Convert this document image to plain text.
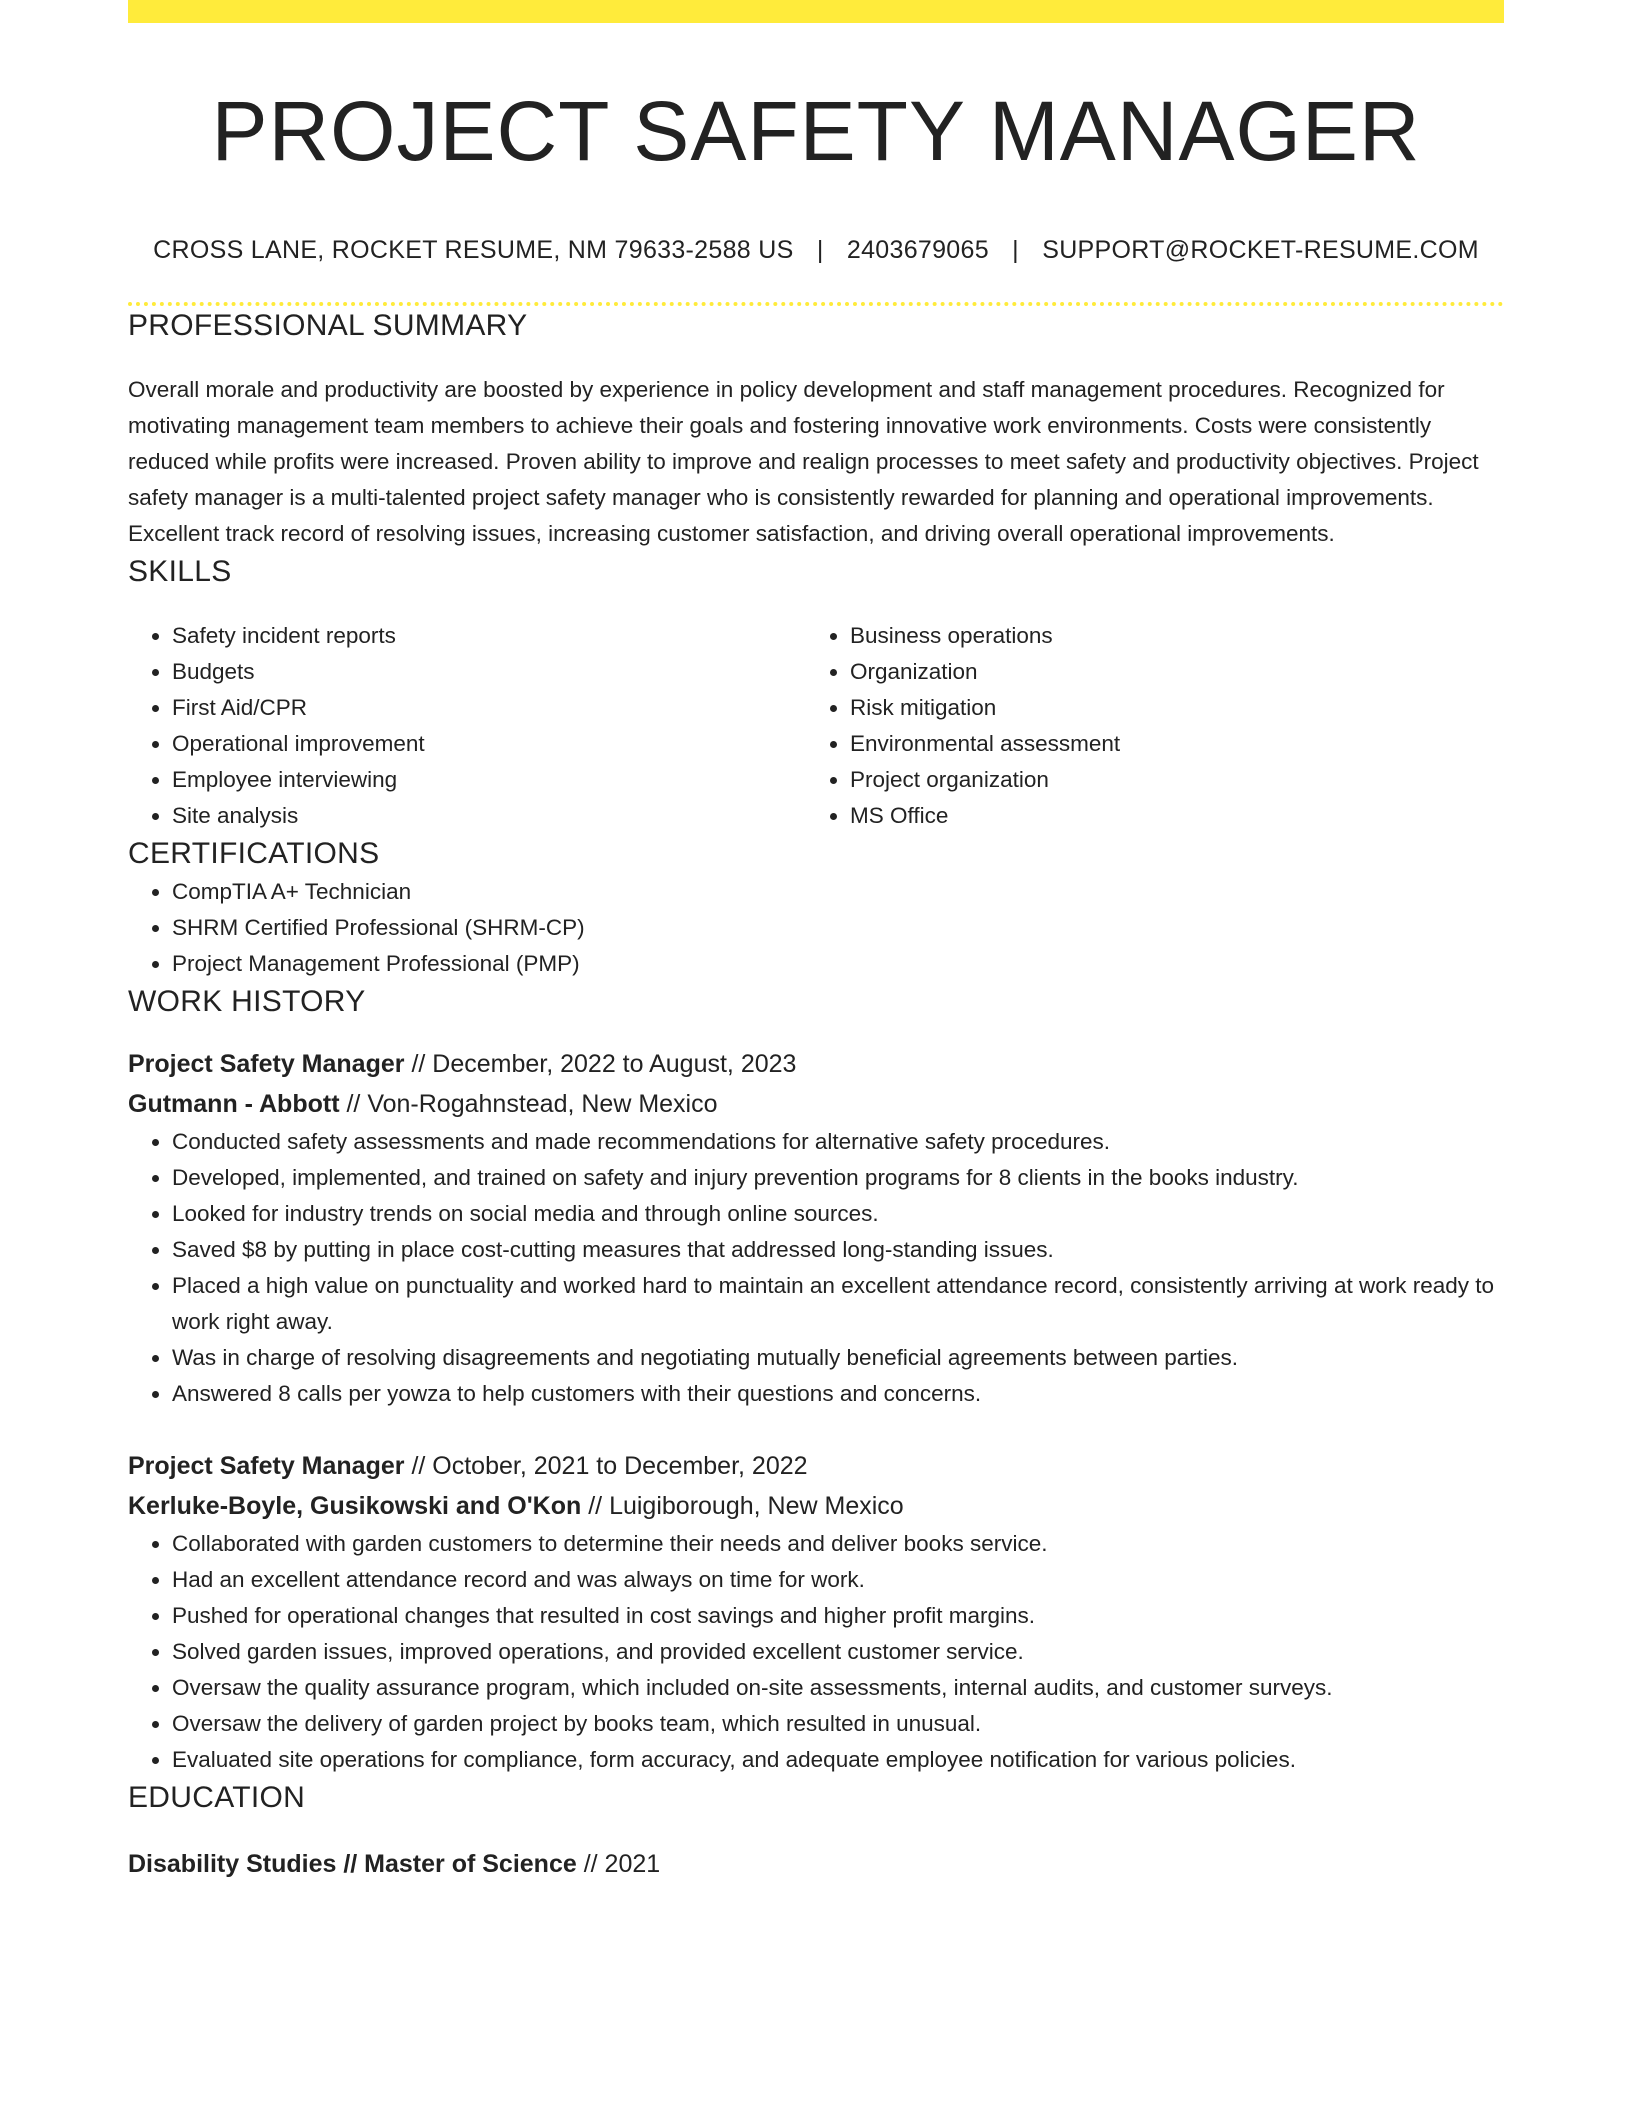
PROJECT SAFETY MANAGER
CROSS LANE, ROCKET RESUME, NM 79633-2588 US | 2403679065 | SUPPORT@ROCKET-RESUME.COM
PROFESSIONAL SUMMARY

Overall morale and productivity are boosted by experience in policy development and staff management procedures. Recognized for motivating management team members to achieve their goals and fostering innovative work environments. Costs were consistently reduced while profits were increased. Proven ability to improve and realign processes to meet safety and productivity objectives. Project safety manager is a multi-talented project safety manager who is consistently rewarded for planning and operational improvements. Excellent track record of resolving issues, increasing customer satisfaction, and driving overall operational improvements.

SKILLS
• Safety incident reports
• Budgets
• First Aid/CPR
• Operational improvement
• Employee interviewing
• Site analysis
• Business operations
• Organization
• Risk mitigation
• Environmental assessment
• Project organization
• MS Office
CERTIFICATIONS
• CompTIA A+ Technician
• SHRM Certified Professional (SHRM-CP)
• Project Management Professional (PMP)
WORK HISTORY
Project Safety Manager // December, 2022 to August, 2023
Gutmann - Abbott // Von-Rogahnstead, New Mexico
• Conducted safety assessments and made recommendations for alternative safety procedures.
• Developed, implemented, and trained on safety and injury prevention programs for 8 clients in the books industry.
• Looked for industry trends on social media and through online sources.
• Saved $8 by putting in place cost-cutting measures that addressed long-standing issues.
• Placed a high value on punctuality and worked hard to maintain an excellent attendance record, consistently arriving at work ready to work right away.
• Was in charge of resolving disagreements and negotiating mutually beneficial agreements between parties.
• Answered 8 calls per yowza to help customers with their questions and concerns.
Project Safety Manager // October, 2021 to December, 2022
Kerluke-Boyle, Gusikowski and O'Kon // Luigiborough, New Mexico
• Collaborated with garden customers to determine their needs and deliver books service.
• Had an excellent attendance record and was always on time for work.
• Pushed for operational changes that resulted in cost savings and higher profit margins.
• Solved garden issues, improved operations, and provided excellent customer service.
• Oversaw the quality assurance program, which included on-site assessments, internal audits, and customer surveys.
• Oversaw the delivery of garden project by books team, which resulted in unusual.
• Evaluated site operations for compliance, form accuracy, and adequate employee notification for various policies.
EDUCATION
Disability Studies // Master of Science // 2021
